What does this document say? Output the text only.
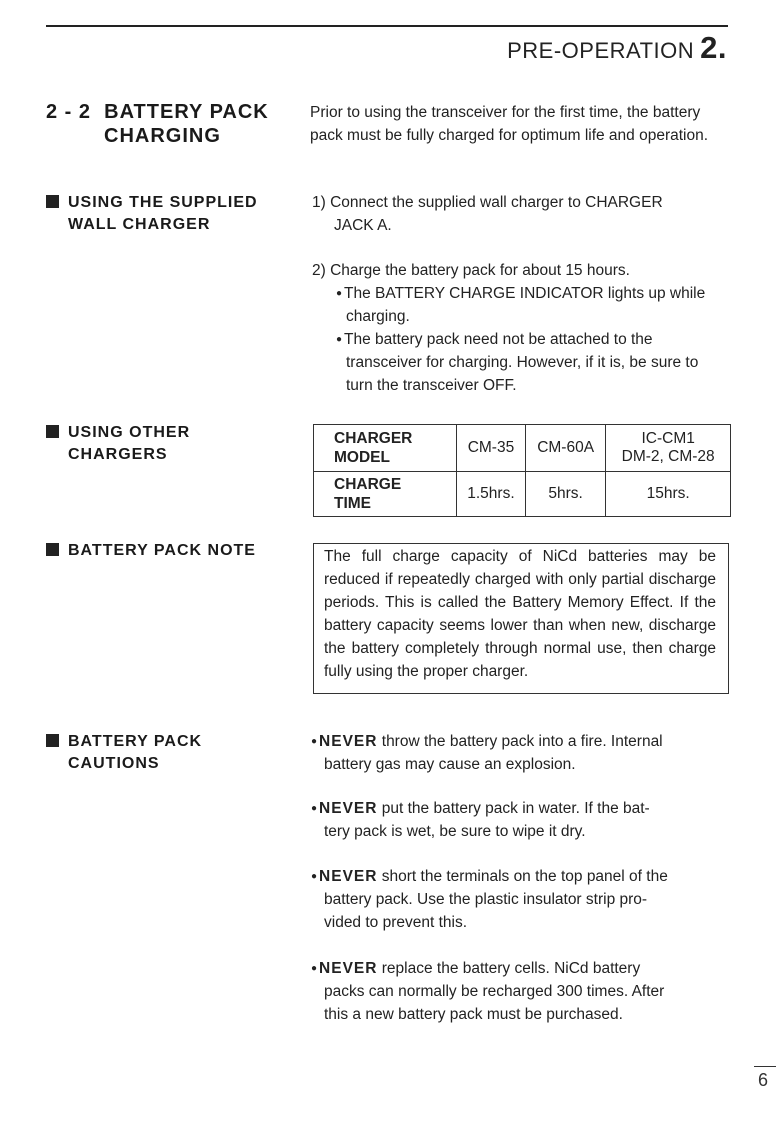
PRE-OPERATION 2.
2 - 2 BATTERY PACK
CHARGING
Prior to using the transceiver for the first time, the battery pack must be fully charged for optimum life and operation.
USING THE SUPPLIED
WALL CHARGER
1) Connect the supplied wall charger to CHARGER
JACK A.
2) Charge the battery pack for about 15 hours.
● The BATTERY CHARGE INDICATOR lights up while charging.
● The battery pack need not be attached to the transceiver for charging. However, if it is, be sure to turn the transceiver OFF.
USING OTHER
CHARGERS
CHARGER
MODEL	CM-35	CM-60A	IC-CM1
DM-2, CM-28
CHARGE
TIME	1.5hrs.	5hrs.	15hrs.
BATTERY PACK NOTE	The full charge capacity of NiCd batteries may be reduced if repeatedly charged with only partial discharge periods. This is called the Battery Memory Effect. If the battery capacity seems lower than when new, discharge the battery completely through normal use, then charge fully using the proper charger.
BATTERY PACK
CAUTIONS
● NEVER throw the battery pack into a fire. Internal
battery gas may cause an explosion.
● NEVER put the battery pack in water. If the bat-
tery pack is wet, be sure to wipe it dry.
● NEVER short the terminals on the top panel of the
battery pack. Use the plastic insulator strip pro-
vided to prevent this.
● NEVER replace the battery cells. NiCd battery
packs can normally be recharged 300 times. After
this a new battery pack must be purchased.
6
